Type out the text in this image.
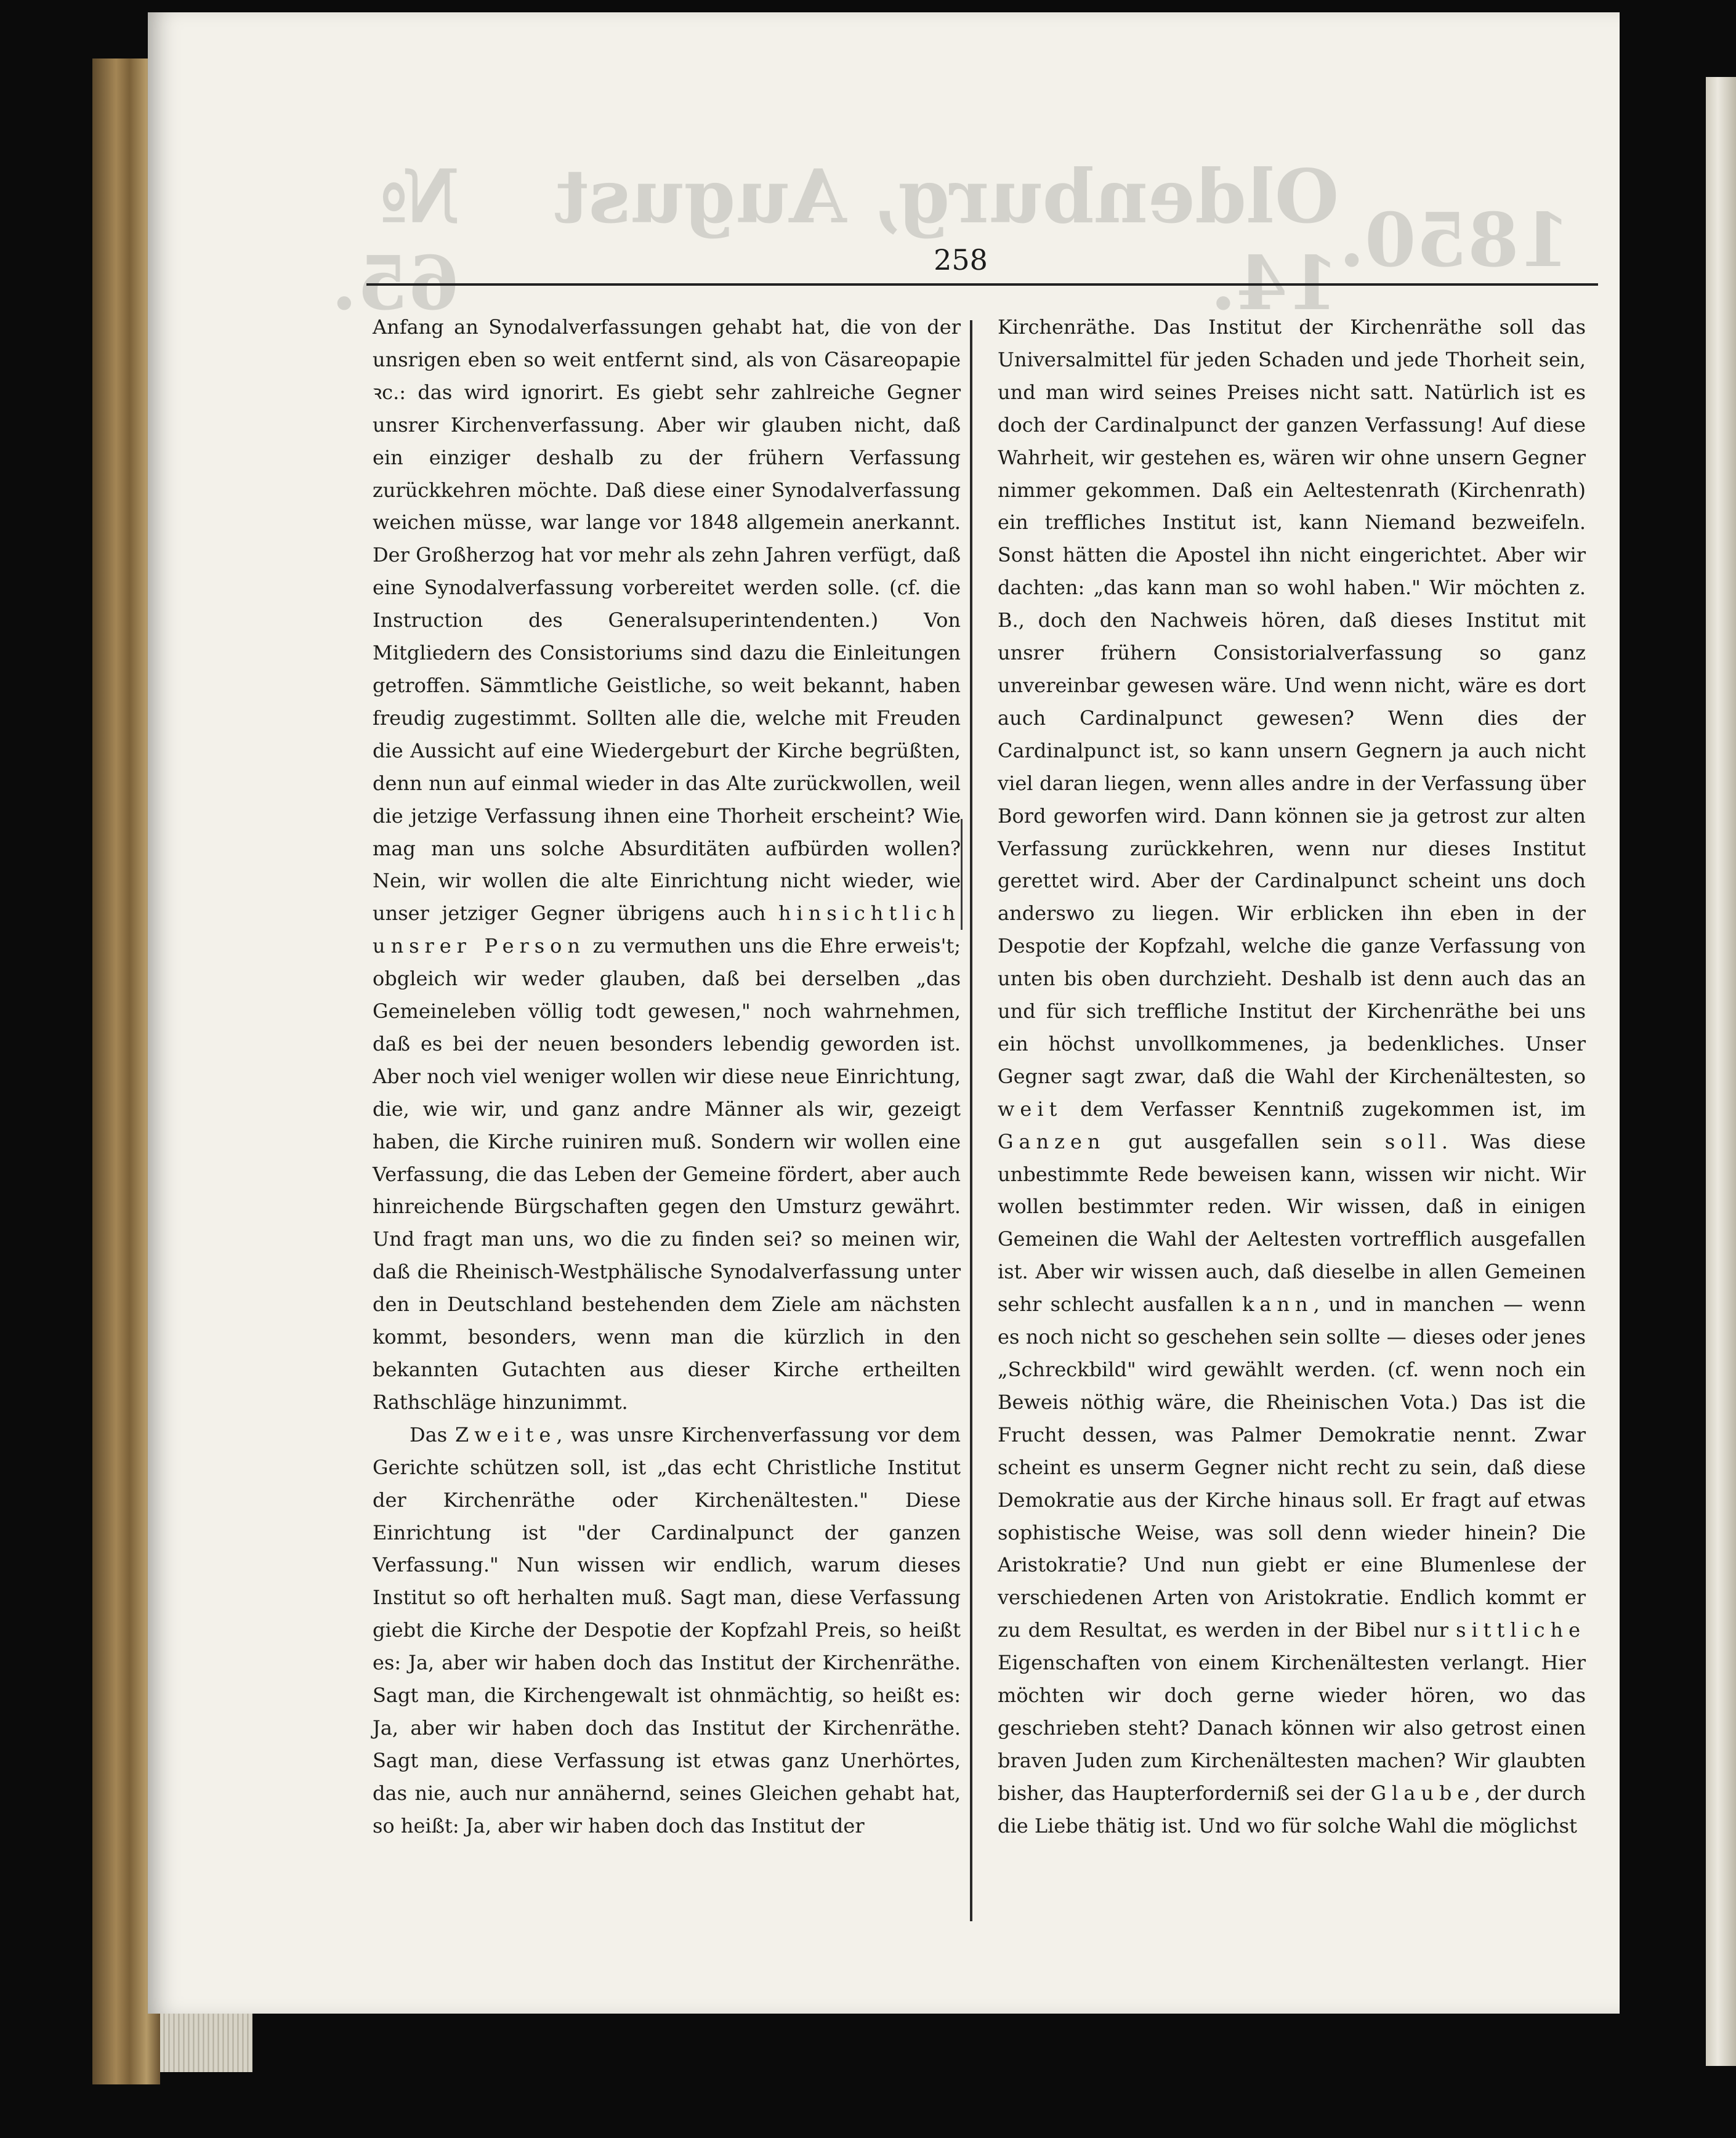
258

Anfang an Synodalverfassungen gehabt hat, die von der unsrigen eben so weit entfernt sind, als von Cäsareopapie ꝛc.: das wird ignorirt. Es giebt sehr zahlreiche Gegner unsrer Kirchenverfassung. Aber wir glauben nicht, daß ein einziger deshalb zu der frühern Verfassung zurückkehren möchte. Daß diese einer Synodalverfassung weichen müsse, war lange vor 1848 allgemein anerkannt. Der Großherzog hat vor mehr als zehn Jahren verfügt, daß eine Synodalverfassung vorbereitet werden solle. (cf. die Instruction des Generalsuperintendenten.) Von Mitgliedern des Consistoriums sind dazu die Einleitungen getroffen. Sämmtliche Geistliche, so weit bekannt, haben freudig zugestimmt. Sollten alle die, welche mit Freuden die Aussicht auf eine Wiedergeburt der Kirche begrüßten, denn nun auf einmal wieder in das Alte zurückwollen, weil die jetzige Verfassung ihnen eine Thorheit erscheint? Wie mag man uns solche Absurditäten aufbürden wollen? Nein, wir wollen die alte Einrichtung nicht wieder, wie unser jetziger Gegner übrigens auch hinsichtlich unsrer Person zu vermuthen uns die Ehre erweis't; obgleich wir weder glauben, daß bei derselben „das Gemeineleben völlig todt gewesen," noch wahrnehmen, daß es bei der neuen besonders lebendig geworden ist. Aber noch viel weniger wollen wir diese neue Einrichtung, die, wie wir, und ganz andre Männer als wir, gezeigt haben, die Kirche ruiniren muß. Sondern wir wollen eine Verfassung, die das Leben der Gemeine fördert, aber auch hinreichende Bürgschaften gegen den Umsturz gewährt. Und fragt man uns, wo die zu finden sei? so meinen wir, daß die Rheinisch-Westphälische Synodalverfassung unter den in Deutschland bestehenden dem Ziele am nächsten kommt, besonders, wenn man die kürzlich in den bekannten Gutachten aus dieser Kirche ertheilten Rathschläge hinzunimmt.

Das Zweite, was unsre Kirchenverfassung vor dem Gerichte schützen soll, ist „das echt Christliche Institut der Kirchenräthe oder Kirchenältesten." Diese Einrichtung ist "der Cardinalpunct der ganzen Verfassung." Nun wissen wir endlich, warum dieses Institut so oft herhalten muß. Sagt man, diese Verfassung giebt die Kirche der Despotie der Kopfzahl Preis, so heißt es: Ja, aber wir haben doch das Institut der Kirchenräthe. Sagt man, die Kirchengewalt ist ohnmächtig, so heißt es: Ja, aber wir haben doch das Institut der Kirchenräthe. Sagt man, diese Verfassung ist etwas ganz Unerhörtes, das nie, auch nur annähernd, seines Gleichen gehabt hat, so heißt: Ja, aber wir haben doch das Institut der

Kirchenräthe. Das Institut der Kirchenräthe soll das Universalmittel für jeden Schaden und jede Thorheit sein, und man wird seines Preises nicht satt. Natürlich ist es doch der Cardinalpunct der ganzen Verfassung! Auf diese Wahrheit, wir gestehen es, wären wir ohne unsern Gegner nimmer gekommen. Daß ein Aeltestenrath (Kirchenrath) ein treffliches Institut ist, kann Niemand bezweifeln. Sonst hätten die Apostel ihn nicht eingerichtet. Aber wir dachten: „das kann man so wohl haben." Wir möchten z. B., doch den Nachweis hören, daß dieses Institut mit unsrer frühern Consistorialverfassung so ganz unvereinbar gewesen wäre. Und wenn nicht, wäre es dort auch Cardinalpunct gewesen? Wenn dies der Cardinalpunct ist, so kann unsern Gegnern ja auch nicht viel daran liegen, wenn alles andre in der Verfassung über Bord geworfen wird. Dann können sie ja getrost zur alten Verfassung zurückkehren, wenn nur dieses Institut gerettet wird. Aber der Cardinalpunct scheint uns doch anderswo zu liegen. Wir erblicken ihn eben in der Despotie der Kopfzahl, welche die ganze Verfassung von unten bis oben durchzieht. Deshalb ist denn auch das an und für sich treffliche Institut der Kirchenräthe bei uns ein höchst unvollkommenes, ja bedenkliches. Unser Gegner sagt zwar, daß die Wahl der Kirchenältesten, so weit dem Verfasser Kenntniß zugekommen ist, im Ganzen gut ausgefallen sein soll. Was diese unbestimmte Rede beweisen kann, wissen wir nicht. Wir wollen bestimmter reden. Wir wissen, daß in einigen Gemeinen die Wahl der Aeltesten vortrefflich ausgefallen ist. Aber wir wissen auch, daß dieselbe in allen Gemeinen sehr schlecht ausfallen kann, und in manchen — wenn es noch nicht so geschehen sein sollte — dieses oder jenes „Schreckbild" wird gewählt werden. (cf. wenn noch ein Beweis nöthig wäre, die Rheinischen Vota.) Das ist die Frucht dessen, was Palmer Demokratie nennt. Zwar scheint es unserm Gegner nicht recht zu sein, daß diese Demokratie aus der Kirche hinaus soll. Er fragt auf etwas sophistische Weise, was soll denn wieder hinein? Die Aristokratie? Und nun giebt er eine Blumenlese der verschiedenen Arten von Aristokratie. Endlich kommt er zu dem Resultat, es werden in der Bibel nur sittliche Eigenschaften von einem Kirchenältesten verlangt. Hier möchten wir doch gerne wieder hören, wo das geschrieben steht? Danach können wir also getrost einen braven Juden zum Kirchenältesten machen? Wir glaubten bisher, das Haupterforderniß sei der Glaube, der durch die Liebe thätig ist. Und wo für solche Wahl die möglichst
